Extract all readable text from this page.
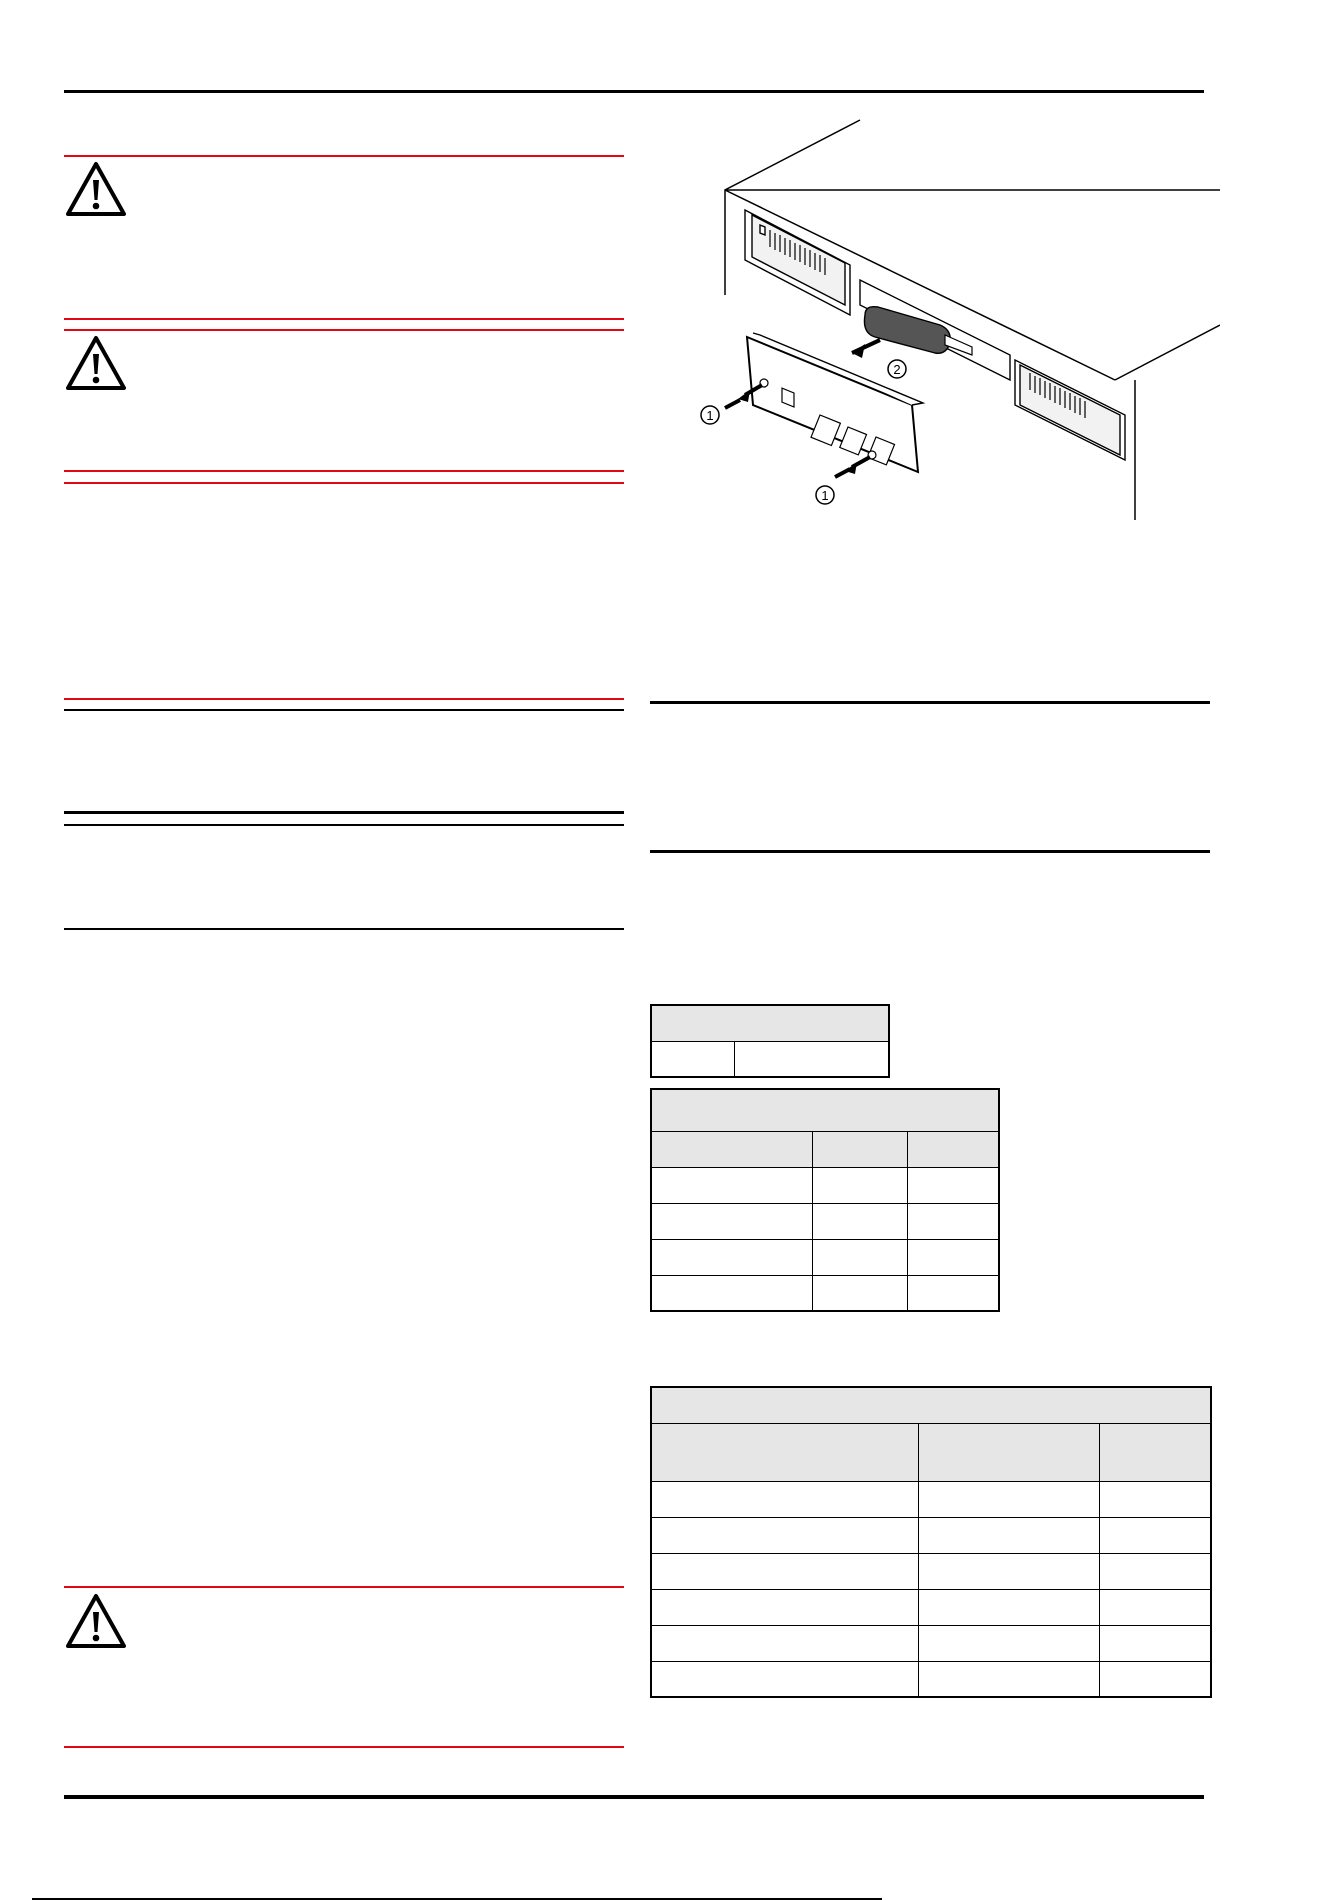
2
1
1
